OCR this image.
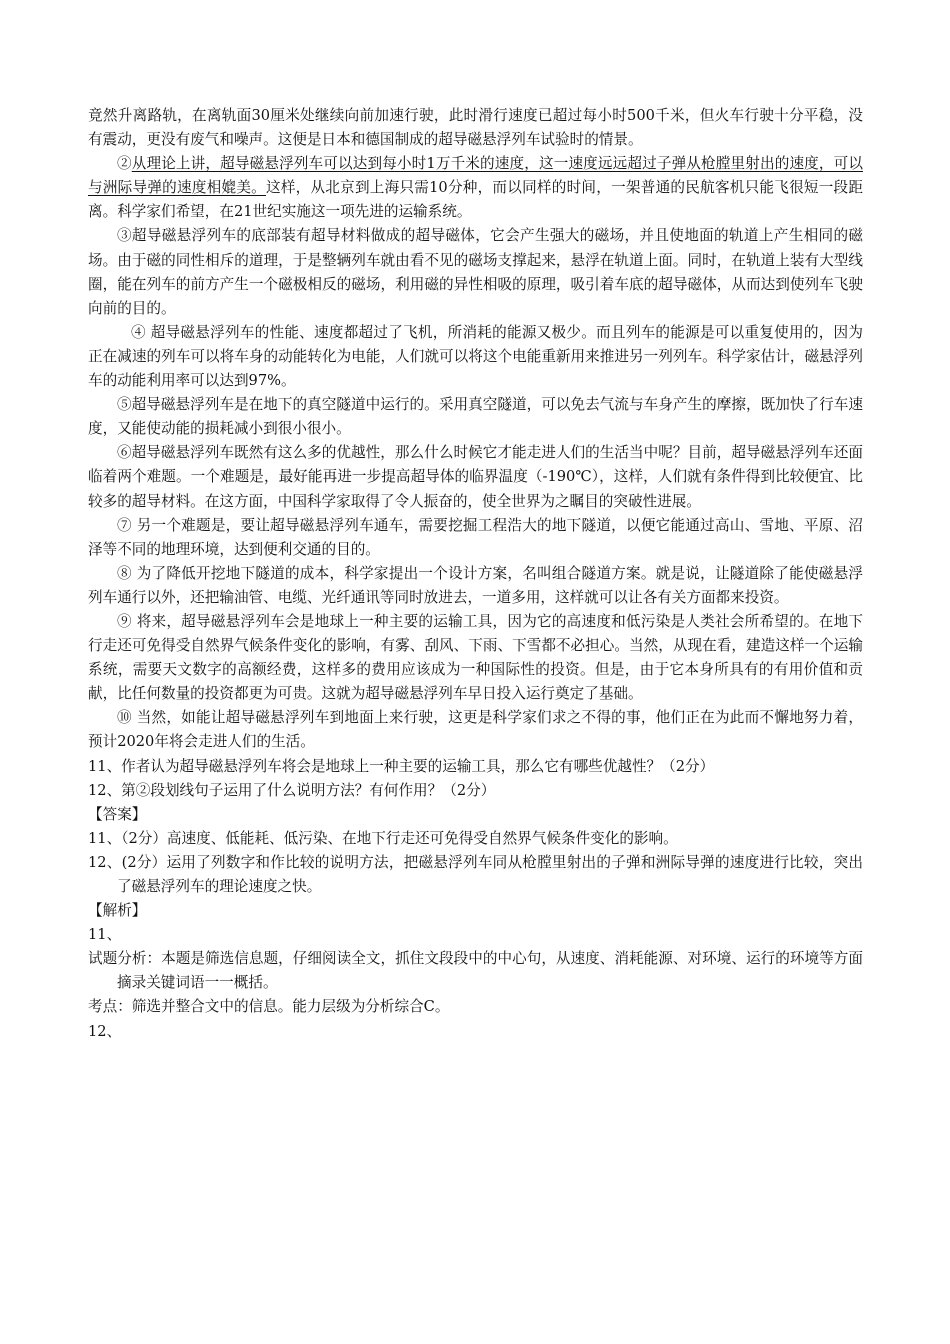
竟然升离路轨，在离轨面30厘米处继续向前加速行驶，此时滑行速度已超过每小时500千米，但火车行驶十分平稳，没有震动，更没有废气和噪声。这便是日本和德国制成的超导磁悬浮列车试验时的情景。

②从理论上讲，超导磁悬浮列车可以达到每小时1万千米的速度，这一速度远远超过子弹从枪膛里射出的速度，可以与洲际导弹的速度相媲美。这样，从北京到上海只需10分种，而以同样的时间，一架普通的民航客机只能飞很短一段距离。科学家们希望，在21世纪实施这一项先进的运输系统。

③超导磁悬浮列车的底部装有超导材料做成的超导磁体，它会产生强大的磁场，并且使地面的轨道上产生相同的磁场。由于磁的同性相斥的道理，于是整辆列车就由看不见的磁场支撑起来，悬浮在轨道上面。同时，在轨道上装有大型线圈，能在列车的前方产生一个磁极相反的磁场，利用磁的异性相吸的原理，吸引着车底的超导磁体，从而达到使列车飞驶向前的目的。

④ 超导磁悬浮列车的性能、速度都超过了飞机，所消耗的能源又极少。而且列车的能源是可以重复使用的，因为正在减速的列车可以将车身的动能转化为电能，人们就可以将这个电能重新用来推进另一列列车。科学家估计，磁悬浮列车的动能利用率可以达到97%。

⑤超导磁悬浮列车是在地下的真空隧道中运行的。采用真空隧道，可以免去气流与车身产生的摩擦，既加快了行车速度，又能使动能的损耗减小到很小很小。

⑥超导磁悬浮列车既然有这么多的优越性，那么什么时候它才能走进人们的生活当中呢？目前，超导磁悬浮列车还面临着两个难题。一个难题是，最好能再进一步提高超导体的临界温度（-190℃），这样，人们就有条件得到比较便宜、比较多的超导材料。在这方面，中国科学家取得了令人振奋的，使全世界为之瞩目的突破性进展。

⑦ 另一个难题是，要让超导磁悬浮列车通车，需要挖掘工程浩大的地下隧道，以便它能通过高山、雪地、平原、沼泽等不同的地理环境，达到便利交通的目的。

⑧ 为了降低开挖地下隧道的成本，科学家提出一个设计方案，名叫组合隧道方案。就是说，让隧道除了能使磁悬浮列车通行以外，还把输油管、电缆、光纤通讯等同时放进去，一道多用，这样就可以让各有关方面都来投资。

⑨ 将来，超导磁悬浮列车会是地球上一种主要的运输工具，因为它的高速度和低污染是人类社会所希望的。在地下行走还可免得受自然界气候条件变化的影响，有雾、刮风、下雨、下雪都不必担心。当然，从现在看，建造这样一个运输系统，需要天文数字的高额经费，这样多的费用应该成为一种国际性的投资。但是，由于它本身所具有的有用价值和贡献，比任何数量的投资都更为可贵。这就为超导磁悬浮列车早日投入运行奠定了基础。

⑩ 当然，如能让超导磁悬浮列车到地面上来行驶，这更是科学家们求之不得的事，他们正在为此而不懈地努力着，预计2020年将会走进人们的生活。

11、作者认为超导磁悬浮列车将会是地球上一种主要的运输工具，那么它有哪些优越性？（2分）

12、第②段划线句子运用了什么说明方法？有何作用？（2分）

【答案】

11、（2分）高速度、低能耗、低污染、在地下行走还可免得受自然界气候条件变化的影响。

12、(2分）运用了列数字和作比较的说明方法，把磁悬浮列车同从枪膛里射出的子弹和洲际导弹的速度进行比较，突出了磁悬浮列车的理论速度之快。

【解析】

11、

试题分析：本题是筛选信息题，仔细阅读全文，抓住文段段中的中心句，从速度、消耗能源、对环境、运行的环境等方面摘录关键词语一一概括。

考点：筛选并整合文中的信息。能力层级为分析综合C。

12、
